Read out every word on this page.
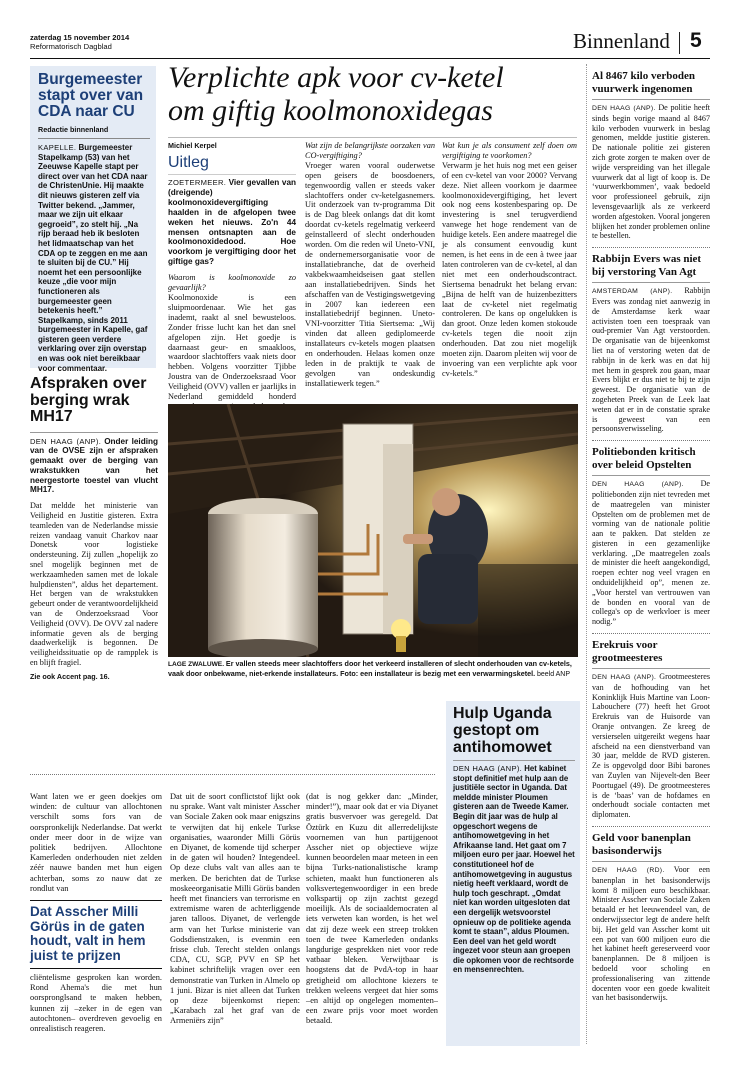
zaterdag 15 november 2014
Reformatorisch Dagblad	Binnenland 5
Burgemeester stapt over van CDA naar CU
Redactie binnenland

KAPELLE. Burgemeester Stapelkamp (53) van het Zeeuwse Kapelle stapt per direct over van het CDA naar de ChristenUnie. Hij maakte dit nieuws gisteren zelf via Twitter bekend. „Jammer, maar we zijn uit elkaar gegroeid”, zo stelt hij. „Na rijp beraad heb ik besloten het lidmaatschap van het CDA op te zeggen en me aan te sluiten bij de CU.” Hij noemt het een persoonlijke keuze „die voor mijn functioneren als burgemeester geen betekenis heeft.” Stapelkamp, sinds 2011 burgemeester in Kapelle, gaf gisteren geen verdere verklaring over zijn overstap en was ook niet bereikbaar voor commentaar.

Afspraken over berging wrak MH17

DEN HAAG (ANP). Onder leiding van de OVSE zijn er afspraken gemaakt over de berging van wrakstukken van het neergestorte toestel van vlucht MH17.

Dat meldde het ministerie van Veiligheid en Justitie gisteren. Extra teamleden van de Nederlandse missie reizen vandaag vanuit Charkov naar Donetsk voor logistieke ondersteuning. Zij zullen „hopelijk zo snel mogelijk beginnen met de werkzaamheden samen met de lokale hulpdiensten”, aldus het departement. Het bergen van de wrakstukken gebeurt onder de verantwoordelijkheid van de Onderzoeksraad Voor Veiligheid (OVV). De OVV zal nadere informatie geven als de berging daadwerkelijk is begonnen. De veiligheidssituatie op de rampplek is en blijft fragiel.

Zie ook Accent pag. 16.
Verplichte apk voor cv-ketel
om giftig koolmonoxidegas
Michiel Kerpel
Uitleg

ZOETERMEER. Vier gevallen van (dreigende) koolmonoxidevergiftiging haalden in de afgelopen twee weken het nieuws. Zo'n 44 mensen ontsnapten aan de koolmonoxidedood. Hoe voorkom je vergiftiging door het giftige gas?

Waarom is koolmonoxide zo gevaarlijk?

Koolmonoxide is een sluipmoordenaar. Wie het gas inademt, raakt al snel bewusteloos. Zonder frisse lucht kan het dan snel afgelopen zijn. Het goedje is daarnaast geur- en smaakloos, waardoor slachtoffers vaak niets door hebben. Volgens voorzitter Tjibbe Joustra van de Onderzoeksraad Voor Veiligheid (OVV) vallen er jaarlijks in Nederland gemiddeld honderd

Wat zijn de belangrijkste oorzaken van CO-vergiftiging?

Vroeger waren vooral ouderwetse open geisers de boosdoeners, tegenwoordig vallen er steeds vaker slachtoffers onder cv-ketelgasnemers. Uit onderzoek van tv-programma Dit is de Dag bleek onlangs dat dit komt doordat cv-ketels regelmatig verkeerd geïnstalleerd of slecht onderhouden worden. Om die reden wil Uneto-VNI, de ondernemersorganisatie voor de installatiebranche, dat de overheid vakbekwaamheidseisen gaat stellen aan installatiebedrijven. Sinds het afschaffen van de Vestigingswetgeving in 2007 kan iedereen een installatiebedrijf beginnen. Uneto-VNI-voorzitter Titia Siertsema: „Wij vinden dat alleen gediplomeerde installateurs cv-ketels mogen plaatsen en onderhouden. Helaas komen onze leden in de praktijk te vaak de gevolgen van ondeskundig installatiewerk tegen.”

Wat kun je als consument zelf doen om vergiftiging te voorkomen?

Verwarm je het huis nog met een geiser of een cv-ketel van voor 2000? Vervang deze. Niet alleen voorkom je daarmee koolmonoxidevergiftiging, het levert ook nog eens kostenbesparing op. De investering is snel terugverdiend vanwege het hoge rendement van de huidige ketels. Een andere maatregel die je als consument eenvoudig kunt nemen, is het eens in de een à twee jaar laten controleren van de cv-ketel, al dan niet met een onderhoudscontract. Siertsema benadrukt het belang ervan: „Bijna de helft van de huizenbezitters laat de cv-ketel niet regelmatig controleren. De kans op ongelukken is dan groot. Onze leden komen stokoude cv-ketels tegen die nooit zijn onderhouden. Dat zou niet mogelijk moeten zijn. Daarom pleiten wij voor de invoering van een verplichte apk voor cv-ketels.”

LAGE ZWALUWE. Er vallen steeds meer slachtoffers door het verkeerd installeren of slecht onderhouden van cv-ketels, vaak door onbekwame, niet-erkende installateurs. Foto: een installateur is bezig met een verwarmingsketel. beeld ANP
Hulp Uganda gestopt om antihomowet

DEN HAAG (ANP). Het kabinet stopt definitief met hulp aan de justitiële sector in Uganda. Dat meldde minister Ploumen gisteren aan de Tweede Kamer. Begin dit jaar was de hulp al opgeschort wegens de antihomowetgeving in het Afrikaanse land. Het gaat om 7 miljoen euro per jaar. Hoewel het constitutioneel hof de antihomowetgeving in augustus nietig heeft verklaard, wordt de hulp toch geschrapt. „Omdat niet kan worden uitgesloten dat een dergelijk wetsvoorstel opnieuw op de politieke agenda komt te staan”, aldus Ploumen. Een deel van het geld wordt ingezet voor steun aan groepen die opkomen voor de rechtsorde en mensenrechten.

Want laten we er geen doekjes om winden: de cultuur van allochtonen verschilt soms fors van de oorspronkelijk Nederlandse. Dat werkt onder meer door in de wijze van politiek bedrijven. Allochtone Kamerleden onderhouden niet zelden zéér nauwe banden met hun eigen achterban, soms zo nauw dat ze rondlut van

Dat Asscher Milli Görüs in de gaten houdt, valt in hem juist te prijzen

cliëntelisme gesproken kan worden. Rond Ahema's die met hun oorspronglsand te maken hebben, kunnen zij –zeker in de egen van autochtonen– overdreven gevoelig en onrealistisch reageren.

Dat uit de soort conflictstof lijkt ook nu sprake. Want valt minister Asscher van Sociale Zaken ook maar enigszins te verwijten dat hij enkele Turkse organisaties, waaronder Milli Görüs en Diyanet, de komende tijd scherper in de gaten wil houden? Integendeel. Op deze clubs valt van alles aan te merken. De berichten dat de Turkse moskeeorganisatie Milli Görüs banden heeft met financiers van terrorisme en extremisme waren de achterliggende jaren talloos. Diyanet, de verlengde arm van het Turkse ministerie van Godsdienstzaken, is evenmin een frisse club. Terecht stelden onlangs CDA, CU, SGP, PVV en SP het kabinet schriftelijk vragen over een demonstratie van Turken in Almelo op 1 juni. Bizar is niet alleen dat Turken op deze bijeenkomst riepen: „Karabach zal het graf van de Armeniërs zijn”

(dat is nog gekker dan: „Minder, minder!”), maar ook dat er via Diyanet gratis busvervoer was geregeld. Dat Öztürk en Kuzu dit allerredelijkste voornemen van hun partijgenoot Asscher niet op objectieve wijze kunnen beoordelen maar meteen in een bijna Turks-nationalistische kramp schieten, maakt hun functioneren als volksvertegenwoordiger in een brede volkspartij op zijn zachtst gezegd moeilijk. Als de sociaaldemocraten al iets verweten kan worden, is het wel dat zij deze week een streep trokken toen de twee Kamerleden ondanks langdurige gesprekken niet voor rede vatbaar bleken. Verwijtbaar is hoogstens dat de PvdA-top in haar gretigheid om allochtone kiezers te trekken weleens vergeet dat hier soms –en altijd op ongelegen momenten– een zware prijs voor moet worden betaald.

Al 8467 kilo verboden vuurwerk ingenomen

DEN HAAG (ANP). De politie heeft sinds begin vorige maand al 8467 kilo verboden vuurwerk in beslag genomen, meldde justitie gisteren. De nationale politie zei gisteren zich grote zorgen te maken over de wijde verspreiding van het illegale vuurwerk dat al ligt of koop is. De ‘vuurwerkbommen’, vaak bedoeld voor professioneel gebruik, zijn levensgevaarlijk als ze verkeerd worden afgestoken. Vooral jongeren blijken het zonder problemen online te bestellen.

Rabbijn Evers was niet bij verstoring Van Agt

AMSTERDAM (ANP). Rabbijn Evers was zondag niet aanwezig in de Amsterdamse kerk waar activisten toen een toespraak van oud-premier Van Agt verstoorden. De organisatie van de bijeenkomst liet na of verstoring weten dat de rabbijn in de kerk was en dat hij met hem in gesprek zou gaan, maar Evers blijkt er dus niet te bij te zijn geweest. De organisatie van de zogeheten Preek van de Leek laat weten dat er in de constatie sprake is geweest van een persoonsverwisseling.

Politiebonden kritisch over beleid Opstelten

DEN HAAG (ANP). De politiebonden zijn niet tevreden met de maatregelen van minister Opstelten om de problemen met de vorming van de nationale politie aan te pakken. Dat stelden ze gisteren in een gezamenlijke verklaring. „De maatregelen zoals de minister die heeft aangekondigd, roepen echter nog veel vragen en onduidelijkheid op”, menen ze. „Voor herstel van vertrouwen van de bonden en vooral van de collega's op de werkvloer is meer nodig.”

Erekruis voor grootmeesteres

DEN HAAG (ANP). Grootmeesteres van de hofhouding van het Koninklijk Huis Martine van Loon-Labouchere (77) heeft het Groot Erekruis van de Huisorde van Oranje ontvangen. Ze kreeg de versierselen uitgereikt wegens haar afscheid na een dienstverband van 30 jaar, meldde de RVD gisteren. Ze is opgevolgd door Bibi barones van Zuylen van Nijevelt-den Beer Poortugael (49). De grootmeesteres is de ‘baas’ van de hofdames en onderhoudt sociale contacten met diplomaten.

Geld voor banenplan basisonderwijs

DEN HAAG (RD). Voor een banenplan in het basisonderwijs komt 8 miljoen euro beschikbaar. Minister Asscher van Sociale Zaken betaald er het leeuwendeel van, de onderwijssector legt de andere helft bij. Het geld van Asscher komt uit een pot van 600 miljoen euro die het kabinet heeft gereserveerd voor banenplannen. De 8 miljoen is bedoeld voor scholing en professionalisering van zittende docenten voor een goede kwaliteit van het basisonderwijs.
